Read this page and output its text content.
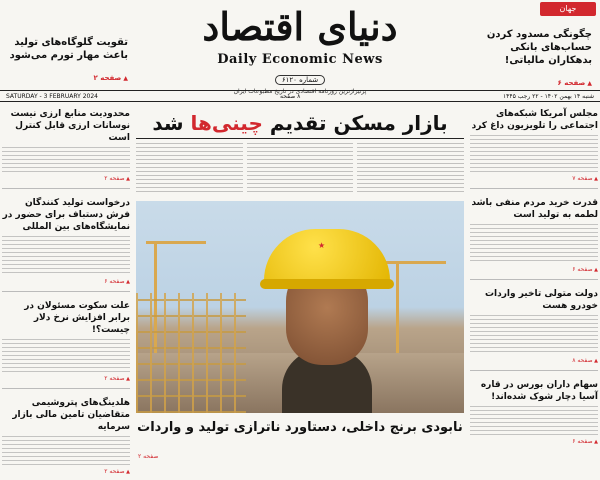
جهان
چگونگی مسدود کردن حساب‌های بانکی بدهکاران مالیاتی!
▲ صفحه ۶
تقویت گلوگاه‌های تولید باعث مهار تورم می‌شود
▲ صفحه ۲
دنیای اقتصاد
Daily Economic News
شماره ۶۱۲۰
پرتیراژترین روزنامه اقتصادی در تاریخ مطبوعات ایران
SATURDAY - 3 FEBRUARY 2024	۸ صفحه	شنبه ۱۴ بهمن ۱۴۰۲ - ۲۲ رجب ۱۴۴۵
محدودیت منابع ارزی نیست نوسانات ارزی قابل کنترل است
▲ صفحه ۲
درخواست تولید کنندگان فرش دستباف برای حضور در نمایشگاه‌های بین المللی
▲ صفحه ۶
علت سکوت مسئولان در برابر افزایش نرخ دلار چیست؟!
▲ صفحه ۲
هلدینگ‌های پتروشیمی متقاضیان تامین مالی بازار سرمایه
▲ صفحه ۲
مجلس آمریکا شبکه‌های اجتماعی را تلویزیون داغ کرد
▲ صفحه ۷
قدرت خرید مردم منفی باشد لطمه به تولید است
▲ صفحه ۶
دولت متولی تاخیر واردات خودرو هست
▲ صفحه ۸
سهام داران بورس در قاره آسیا دچار شوک شده‌اند!
▲ صفحه ۶
بازار مسکن تقدیم چینی‌ها شد
★
نابودی برنج داخلی، دستاورد ناترازی تولید و واردات
صفحه ۲
